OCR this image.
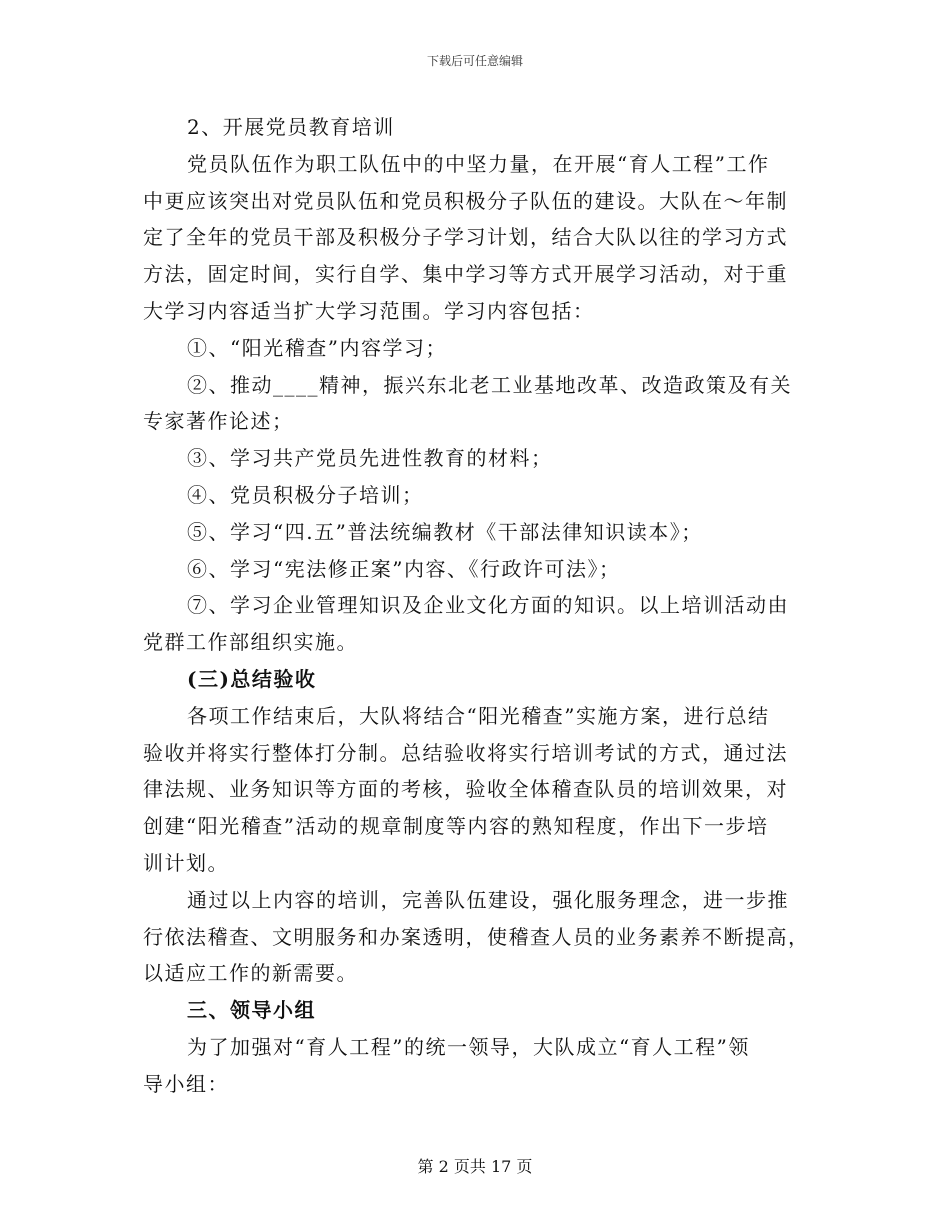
下载后可任意编辑

2、开展党员教育培训

党员队伍作为职工队伍中的中坚力量，在开展“育人工程”工作

中更应该突出对党员队伍和党员积极分子队伍的建设。大队在～年制

定了全年的党员干部及积极分子学习计划，结合大队以往的学习方式

方法，固定时间，实行自学、集中学习等方式开展学习活动，对于重

大学习内容适当扩大学习范围。学习内容包括：

①、“阳光稽查”内容学习；

②、推动____精神，振兴东北老工业基地改革、改造政策及有关

专家著作论述；

③、学习共产党员先进性教育的材料；

④、党员积极分子培训；

⑤、学习“四.五”普法统编教材《干部法律知识读本》；

⑥、学习“宪法修正案”内容、《行政许可法》；

⑦、学习企业管理知识及企业文化方面的知识。以上培训活动由

党群工作部组织实施。

(三)总结验收

各项工作结束后，大队将结合“阳光稽查”实施方案，进行总结

验收并将实行整体打分制。总结验收将实行培训考试的方式，通过法

律法规、业务知识等方面的考核，验收全体稽查队员的培训效果，对

创建“阳光稽查”活动的规章制度等内容的熟知程度，作出下一步培

训计划。

通过以上内容的培训，完善队伍建设，强化服务理念，进一步推

行依法稽查、文明服务和办案透明，使稽查人员的业务素养不断提高，

以适应工作的新需要。

三、领导小组

为了加强对“育人工程”的统一领导，大队成立“育人工程”领

导小组：

第 2 页共 17 页
